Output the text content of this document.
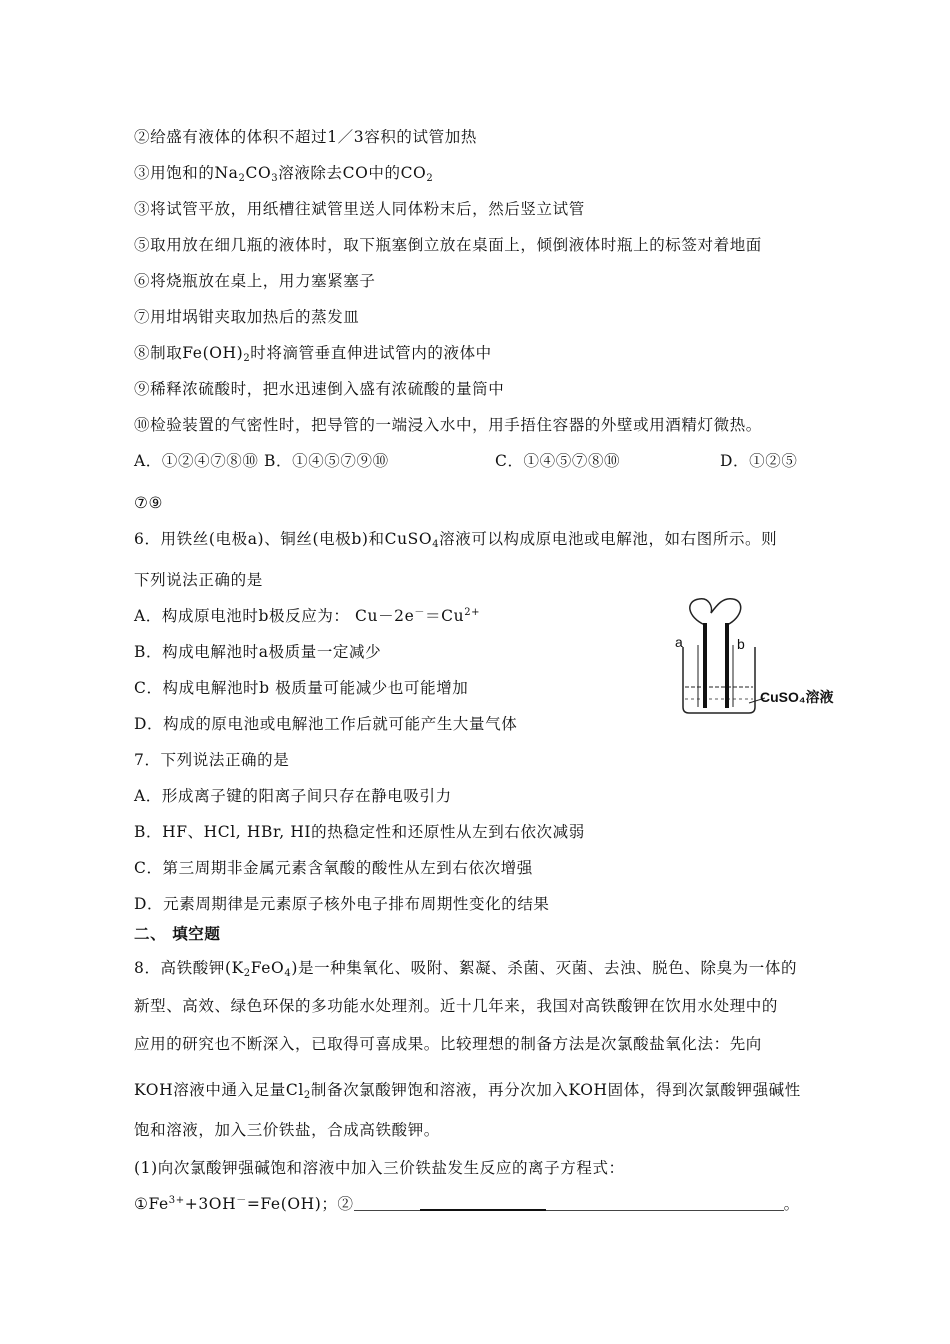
②给盛有液体的体积不超过1／3容积的试管加热
③用饱和的$Na_2CO_3$溶液除去CO中的$CO_2$
③将试管平放，用纸槽往斌管里送人同体粉末后，然后竖立试管
⑤取用放在细几瓶的液体时，取下瓶塞倒立放在桌面上，倾倒液体时瓶上的标签对着地面
⑥将烧瓶放在桌上，用力塞紧塞子
⑦用坩埚钳夹取加热后的蒸发皿
⑧制取$Fe(OH)_2$时将滴管垂直伸进试管内的液体中
⑨稀释浓硫酸时，把水迅速倒入盛有浓硫酸的量筒中
⑩检验装置的气密性时，把导管的一端浸入水中，用手捂住容器的外壁或用酒精灯微热。
A．①②④⑦⑧⑩ B．①④⑤⑦⑨⑩	C．①④⑤⑦⑧⑩	D．①②⑤
⑦⑨
6．用铁丝(电极a)、铜丝(电极b)和CuSO$_4$溶液可以构成原电池或电解池，如右图所示。则
下列说法正确的是
A．构成原电池时b极反应为： $Cu-2e^-=Cu^{2+}$
B．构成电解池时a极质量一定减少
C．构成电解池时b 极质量可能减少也可能增加
D．构成的原电池或电解池工作后就可能产生大量气体
a	b
CuSO₄溶液
7．下列说法正确的是
A．形成离子键的阳离子间只存在静电吸引力
B．HF、HCl, HBr, HI的热稳定性和还原性从左到右依次减弱
C．第三周期非金属元素含氧酸的酸性从左到右依次增强
D．元素周期律是元素原子核外电子排布周期性变化的结果
二、 填空题
8．高铁酸钾$(K_2FeO_4)$是一种集氧化、吸附、絮凝、杀菌、灭菌、去浊、脱色、除臭为一体的
新型、高效、绿色环保的多功能水处理剂。近十几年来，我国对高铁酸钾在饮用水处理中的
应用的研究也不断深入，已取得可喜成果。比较理想的制备方法是次氯酸盐氧化法：先向
KOH溶液中通入足量$Cl_2$制备次氯酸钾饱和溶液，再分次加入KOH固体，得到次氯酸钾强碱性
饱和溶液，加入三价铁盐，合成高铁酸钾。
(1)向次氯酸钾强碱饱和溶液中加入三价铁盐发生反应的离子方程式：
$①Fe^{3+}+3OH^-=Fe(OH)$；②	。
